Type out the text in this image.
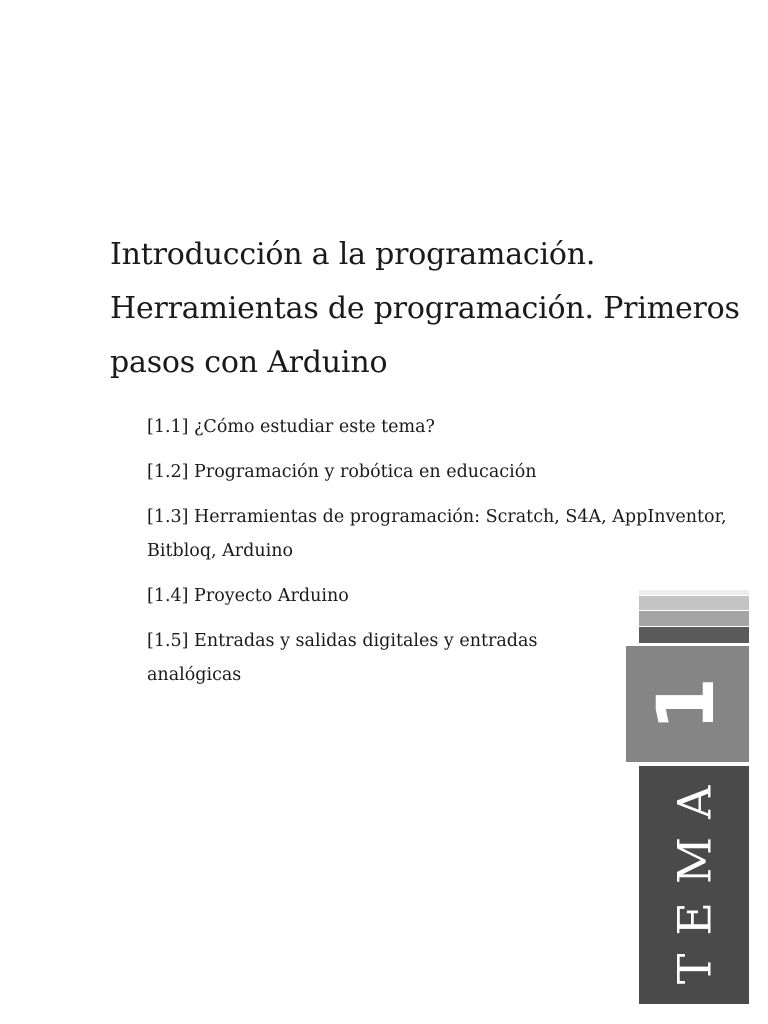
Introducción a la programación.
Herramientas de programación. Primeros
pasos con Arduino
[1.1] ¿Cómo estudiar este tema?
[1.2] Programación y robótica en educación
[1.3] Herramientas de programación: Scratch, S4A, AppInventor,
Bitbloq, Arduino
[1.4] Proyecto Arduino
[1.5] Entradas y salidas digitales y entradas
analógicas
1
TEMA
